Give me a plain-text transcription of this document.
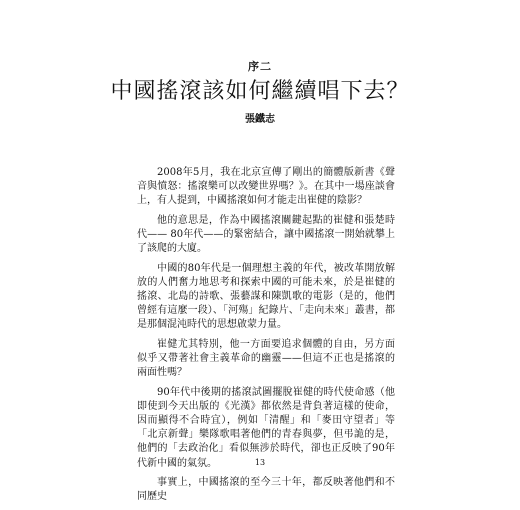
序二
中國搖滾該如何繼續唱下去？
張鐵志

2008年5月，我在北京宣傳了剛出的簡體版新書《聲音與憤怒：搖滾樂可以改變世界嗎？》。在其中一場座談會上，有人提到，中國搖滾如何才能走出崔健的陰影？

他的意思是，作為中國搖滾關鍵起點的崔健和張楚時代—— 80年代——的緊密結合，讓中國搖滾一開始就攀上了該爬的大廈。

中國的80年代是一個理想主義的年代，被改革開放解放的人們奮力地思考和探索中國的可能未來，於是崔健的搖滾、北島的詩歌、張藝謀和陳凱歌的電影（是的，他們曾經有這麼一段）、「河殤」紀錄片、「走向未來」叢書，都是那個混沌時代的思想啟蒙力量。

崔健尤其特別，他一方面要追求個體的自由，另方面似乎又帶著社會主義革命的幽靈——但這不正也是搖滾的兩面性嗎？

90年代中後期的搖滾試圖擺脫崔健的時代使命感（他即使到今天出版的《光漢》都依然是背負著這樣的使命，因而顯得不合時宜），例如「清醒」和「麥田守望者」等「北京新聲」樂隊歌唱著他們的青春與夢，但弔詭的是，他們的「去政治化」看似無涉於時代，卻也正反映了90年代新中國的氣氛。

事實上，中國搖滾的至今三十年，都反映著他們和不同歷史

13
